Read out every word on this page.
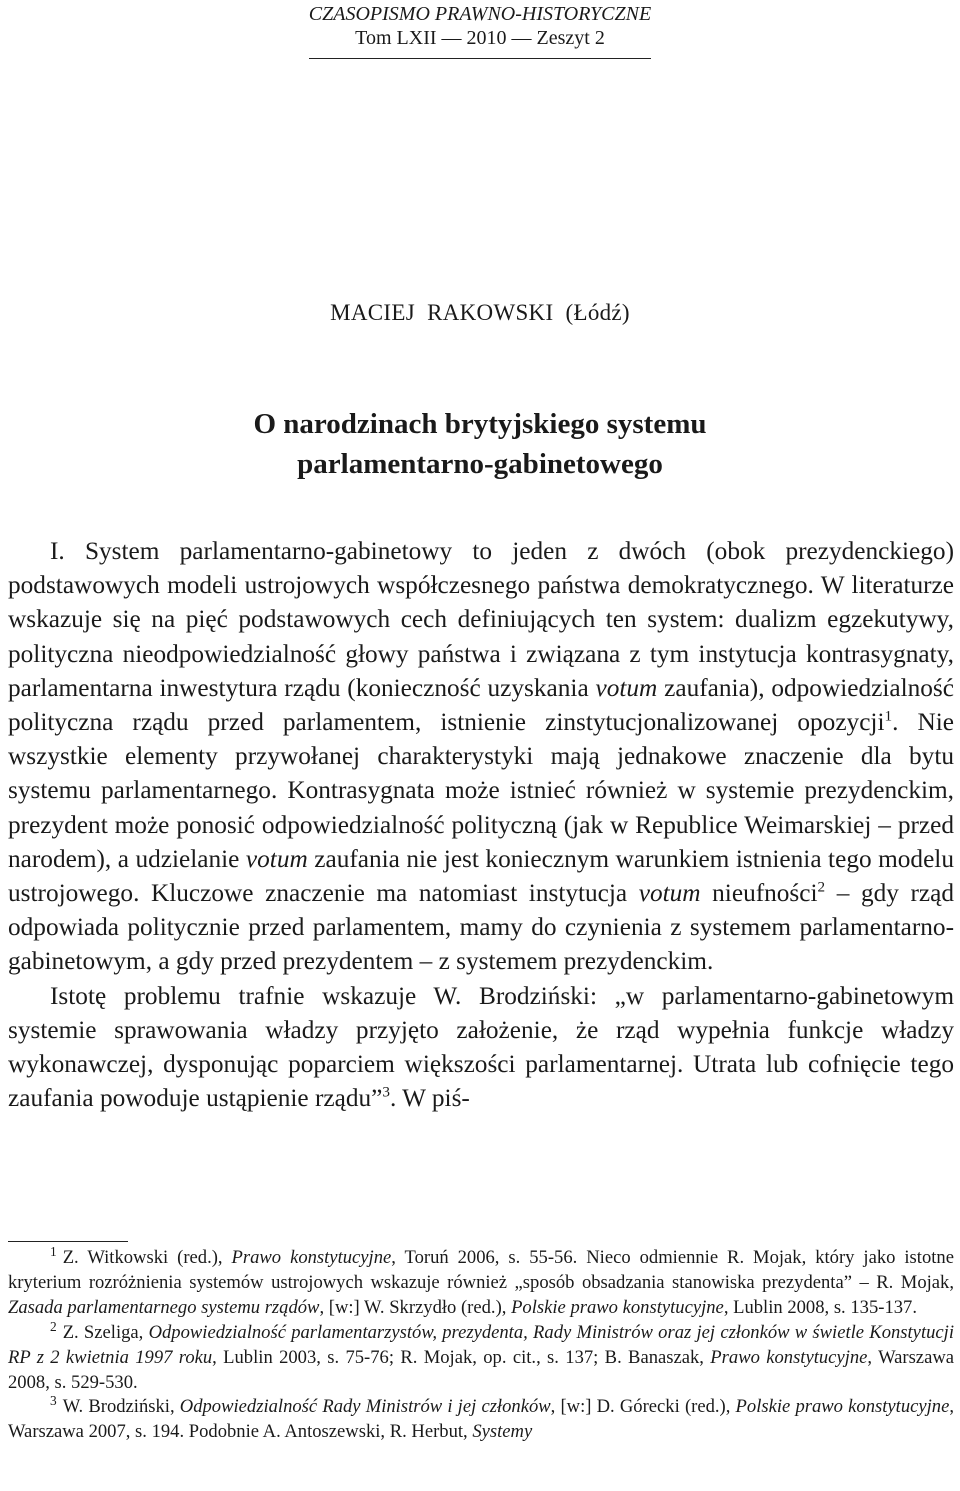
CZASOPISMO PRAWNO-HISTORYCZNE
Tom LXII — 2010 — Zeszyt 2
MACIEJ  RAKOWSKI  (Łódź)
O narodzinach brytyjskiego systemu
parlamentarno-gabinetowego

I. System parlamentarno-gabinetowy to jeden z dwóch (obok prezydenckiego) podstawowych modeli ustrojowych współczesnego państwa demokratycznego. W literaturze wskazuje się na pięć podstawowych cech definiujących ten system: dualizm egzekutywy, polityczna nieodpowiedzialność głowy państwa i związana z tym instytucja kontrasygnaty, parlamentarna inwestytura rządu (konieczność uzyskania votum zaufania), odpowiedzialność polityczna rządu przed parlamentem, istnienie zinstytucjonalizowanej opozycji$^1$. Nie wszystkie elementy przywołanej charakterystyki mają jednakowe znaczenie dla bytu systemu parlamentarnego. Kontrasygnata może istnieć również w systemie prezydenckim, prezydent może ponosić odpowiedzialność polityczną (jak w Republice Weimarskiej – przed narodem), a udzielanie votum zaufania nie jest koniecznym warunkiem istnienia tego modelu ustrojowego. Kluczowe znaczenie ma natomiast instytucja votum nieufności$^2$ – gdy rząd odpowiada politycznie przed parlamentem, mamy do czynienia z systemem parlamentarno-gabinetowym, a gdy przed prezydentem – z systemem prezydenckim.

Istotę problemu trafnie wskazuje W. Brodziński: „w parlamentarno-gabinetowym systemie sprawowania władzy przyjęto założenie, że rząd wypełnia funkcje władzy wykonawczej, dysponując poparciem większości parlamentarnej. Utrata lub cofnięcie tego zaufania powoduje ustąpienie rządu”$^3$. W piś-

$^1$ Z. Witkowski (red.), Prawo konstytucyjne, Toruń 2006, s. 55-56. Nieco odmiennie R. Mojak, który jako istotne kryterium rozróżnienia systemów ustrojowych wskazuje również „sposób obsadzania stanowiska prezydenta” – R. Mojak, Zasada parlamentarnego systemu rządów, [w:] W. Skrzydło (red.), Polskie prawo konstytucyjne, Lublin 2008, s. 135-137.

$^2$ Z. Szeliga, Odpowiedzialność parlamentarzystów, prezydenta, Rady Ministrów oraz jej członków w świetle Konstytucji RP z 2 kwietnia 1997 roku, Lublin 2003, s. 75-76; R. Mojak, op. cit., s. 137; B. Banaszak, Prawo konstytucyjne, Warszawa 2008, s. 529-530.

$^3$ W. Brodziński, Odpowiedzialność Rady Ministrów i jej członków, [w:] D. Górecki (red.), Polskie prawo konstytucyjne, Warszawa 2007, s. 194. Podobnie A. Antoszewski, R. Herbut, Systemy
